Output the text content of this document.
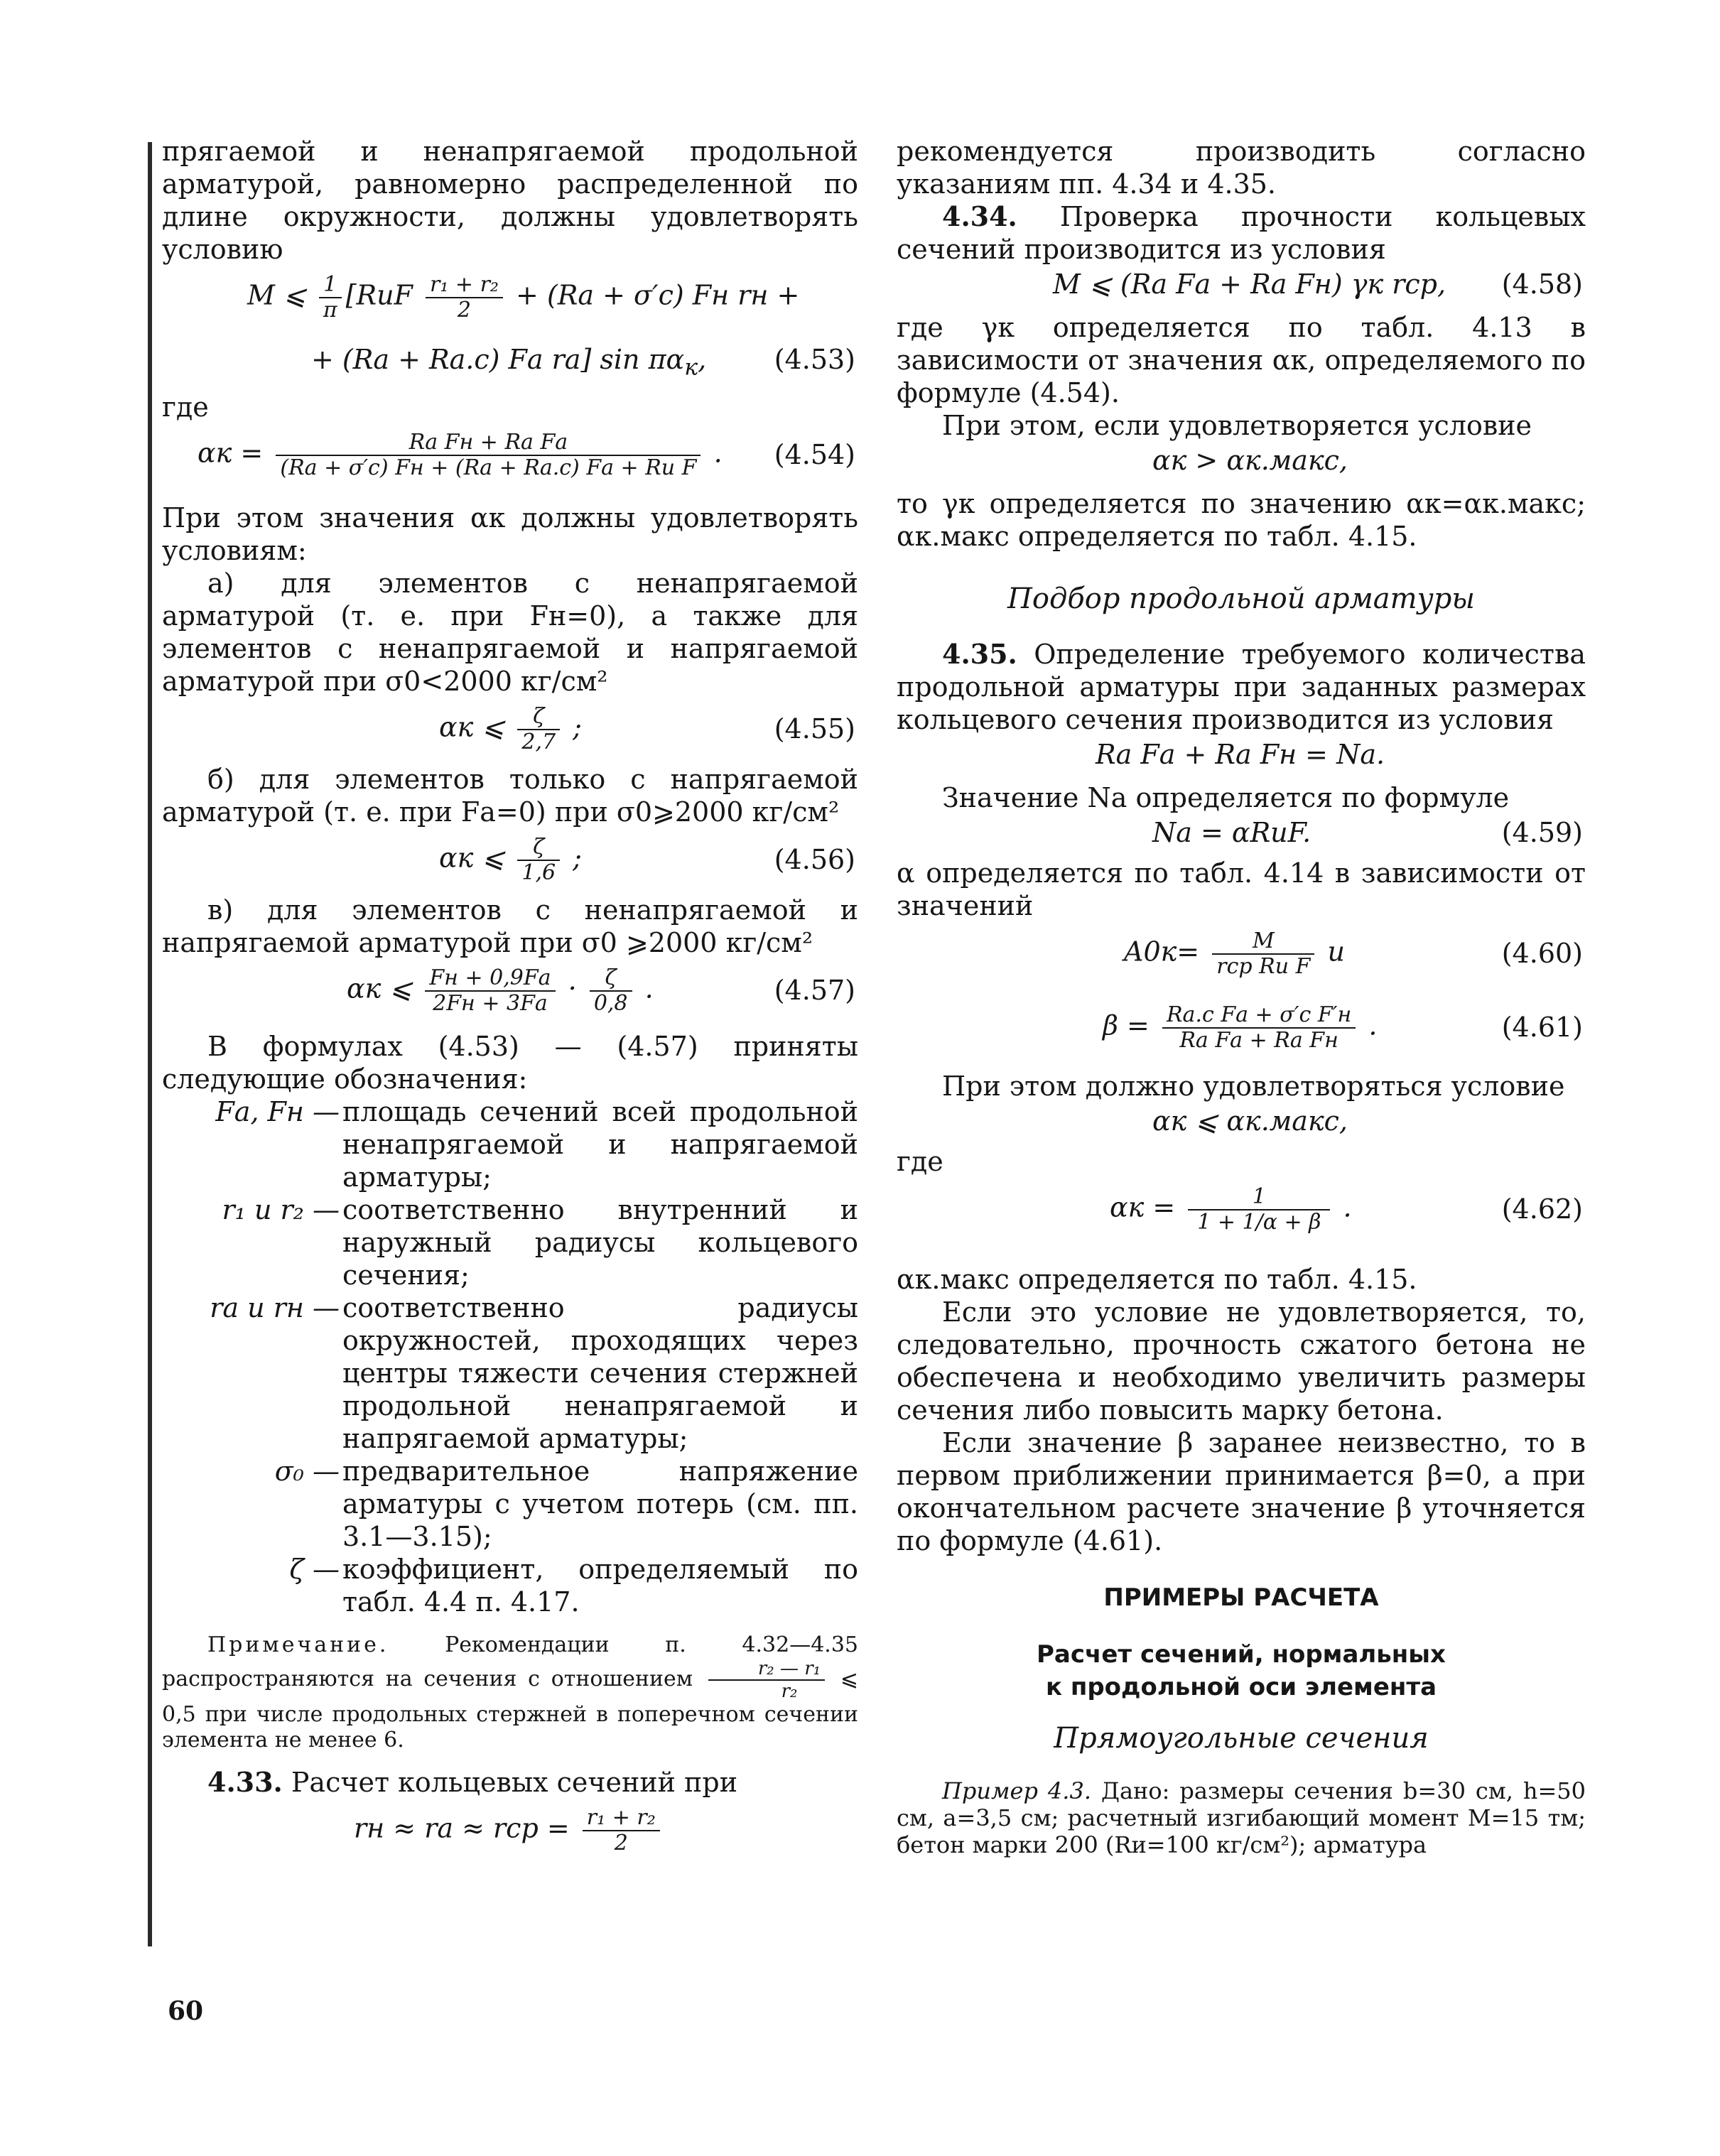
прягаемой и ненапрягаемой продольной арматурой, равномерно распределенной по длине окружности, должны удовлетворять условию

M ⩽ $\frac{1}{\pi} [RиF \frac{\text{r₁ + r₂}}{2} + (Rа + \sigma'с)$ Fн rн +
+ (Rа + Rа.с) Fа rа] $\sin \pi\alpha_к$,	(4.53)

где

$\alpha к = \frac{\text{Rа Fн + Rа Fа}}{\text{(Rа + σ′с) Fн + (Rа + Rа.с) Fа + Rи F}}$ . (4.54)

При этом значения αк должны удовлетворять условиям:

а) для элементов с ненапрягаемой арматурой (т. е. при Fн=0), а также для элементов с ненапрягаемой и напрягаемой арматурой при σ0<2000 кг/см²

αк ⩽ $\frac{\zeta}{2,7}$ ;	(4.55)

б) для элементов только с напрягаемой арматурой (т. е. при Fа=0) при σ0⩾2000 кг/см²

αк ⩽ $\frac{\zeta}{1,6}$ ;	(4.56)

в) для элементов с ненапрягаемой и напрягаемой арматурой при σ0 ⩾2000 кг/см²

αк ⩽ $\frac{Fн + 0,9Fа}{2Fн + 3Fа} \cdot \frac{\zeta}{0,8}$ .	(4.57)

В формулах (4.53) — (4.57) приняты следующие обозначения:

Fа, Fн — площадь сечений всей продольной ненапрягаемой и напрягаемой арматуры;
r₁ и r₂ — соответственно внутренний и наружный радиусы кольцевого сечения;
rа и rн — соответственно радиусы окружностей, проходящих через центры тяжести сечения стержней продольной ненапрягаемой и напрягаемой арматуры;
σ₀ — предварительное напряжение арматуры с учетом потерь (см. пп. 3.1—3.15);
ζ — коэффициент, определяемый по табл. 4.4 п. 4.17.

Примечание. Рекомендации п. 4.32—4.35 распространяются на сечения с отношением $\frac{\text{r₂ — r₁}}{\text{r₂}}$ ⩽ 0,5 при числе продольных стержней в поперечном сечении элемента не менее 6.

4.33. Расчет кольцевых сечений при

rн ≈ rа ≈ rср = $\frac{\text{r₁ + r₂}}{2}$

рекомендуется производить согласно указаниям пп. 4.34 и 4.35.

4.34. Проверка прочности кольцевых сечений производится из условия

M ⩽ (Rа Fа + Rа Fн) γк rср, (4.58)

где γк определяется по табл. 4.13 в зависимости от значения αк, определяемого по формуле (4.54).

При этом, если удовлетворяется условие

αк > αк.макс,

то γк определяется по значению αк=αк.макс; αк.макс определяется по табл. 4.15.

Подбор продольной арматуры

4.35. Определение требуемого количества продольной арматуры при заданных размерах кольцевого сечения производится из условия

Rа Fа + Rа Fн = Nа.

Значение Nа определяется по формуле

Nа = αRиF.	(4.59)

α определяется по табл. 4.14 в зависимости от значений

$A0к= \frac{M}{\text{rср Rи F}}$ и	(4.60)
$\beta = \frac{\text{Rа.с Fа + σ′с F′н}}{\text{Rа Fа + Rа Fн}}$ .	(4.61)

При этом должно удовлетворяться условие

αк ⩽ αк.макс,

где

$\alpha к = \frac{1}{1 + 1/\alpha + \beta}$ .	(4.62)

αк.макс определяется по табл. 4.15.

Если это условие не удовлетворяется, то, следовательно, прочность сжатого бетона не обеспечена и необходимо увеличить размеры сечения либо повысить марку бетона.

Если значение β заранее неизвестно, то в первом приближении принимается β=0, а при окончательном расчете значение β уточняется по формуле (4.61).

ПРИМЕРЫ РАСЧЕТА

Расчет сечений, нормальных

к продольной оси элемента

Прямоугольные сечения

Пример 4.3. Дано: размеры сечения b=30 см, h=50 см, a=3,5 см; расчетный изгибающий момент M=15 тм; бетон марки 200 (Rи=100 кг/см²); арматура

60
